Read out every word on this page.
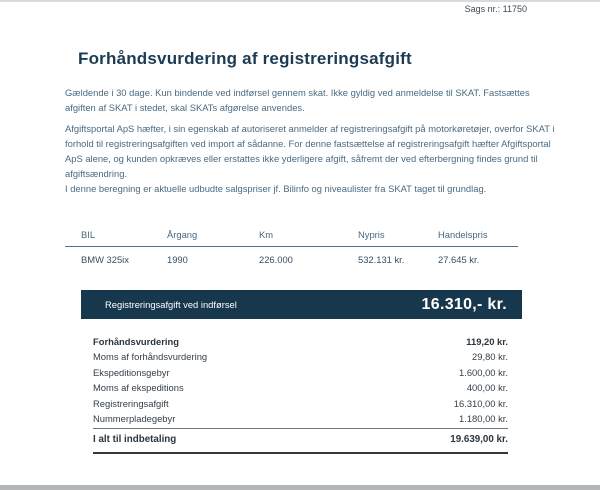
Sags nr.: 11750
Forhåndsvurdering af registreringsafgift

Gældende i 30 dage. Kun bindende ved indførsel gennem skat. Ikke gyldig ved anmeldelse til SKAT. Fastsættes afgiften af SKAT i stedet, skal SKATs afgørelse anvendes.

Afgiftsportal ApS hæfter, i sin egenskab af autoriseret anmelder af registreringsafgift på motorkøretøjer, overfor SKAT i forhold til registreringsafgiften ved import af sådanne. For denne fastsættelse af registreringsafgift hæfter Afgiftsportal ApS alene, og kunden opkræves eller erstattes ikke yderligere afgift, såfremt der ved efterbergning findes grund til afgiftsændring.

I denne beregning er aktuelle udbudte salgspriser jf. Bilinfo og niveaulister fra SKAT taget til grundlag.

BIL	Årgang	Km	Nypris	Handelspris
BMW 325ix	1990	226.000	532.131 kr.	27.645 kr.
Registreringsafgift ved indførsel	16.310,- kr.
Forhåndsvurdering	119,20 kr.
Moms af forhåndsvurdering	29,80 kr.
Ekspeditionsgebyr	1.600,00 kr.
Moms af ekspeditions	400,00 kr.
Registreringsafgift	16.310,00 kr.
Nummerpladegebyr	1.180,00 kr.
I alt til indbetaling	19.639,00 kr.
